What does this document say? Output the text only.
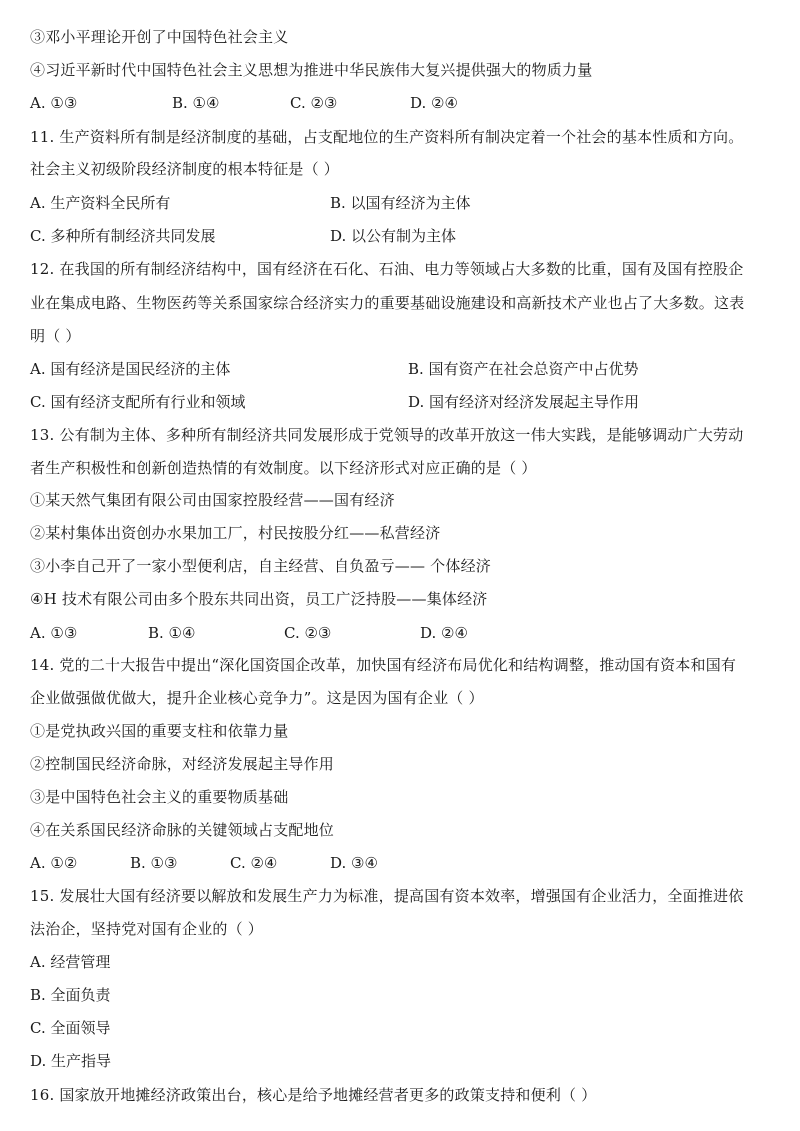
③邓小平理论开创了中国特色社会主义
④习近平新时代中国特色社会主义思想为推进中华民族伟大复兴提供强大的物质力量
A. ①③	B. ①④	C. ②③	D. ②④
11. 生产资料所有制是经济制度的基础，占支配地位的生产资料所有制决定着一个社会的基本性质和方向。
社会主义初级阶段经济制度的根本特征是（ ）
A. 生产资料全民所有	B. 以国有经济为主体
C. 多种所有制经济共同发展	D. 以公有制为主体
12. 在我国的所有制经济结构中，国有经济在石化、石油、电力等领域占大多数的比重，国有及国有控股企
业在集成电路、生物医药等关系国家综合经济实力的重要基础设施建设和高新技术产业也占了大多数。这表
明（ ）
A. 国有经济是国民经济的主体	B. 国有资产在社会总资产中占优势
C. 国有经济支配所有行业和领域	D. 国有经济对经济发展起主导作用
13. 公有制为主体、多种所有制经济共同发展形成于党领导的改革开放这一伟大实践，是能够调动广大劳动
者生产积极性和创新创造热情的有效制度。以下经济形式对应正确的是（ ）
①某天然气集团有限公司由国家控股经营——国有经济
②某村集体出资创办水果加工厂，村民按股分红——私营经济
③小李自己开了一家小型便利店，自主经营、自负盈亏—— 个体经济
④H 技术有限公司由多个股东共同出资，员工广泛持股——集体经济
A. ①③	B. ①④	C. ②③	D. ②④
14. 党的二十大报告中提出“深化国资国企改革，加快国有经济布局优化和结构调整，推动国有资本和国有
企业做强做优做大，提升企业核心竞争力”。这是因为国有企业（ ）
①是党执政兴国的重要支柱和依靠力量
②控制国民经济命脉，对经济发展起主导作用
③是中国特色社会主义的重要物质基础
④在关系国民经济命脉的关键领域占支配地位
A. ①②	B. ①③	C. ②④	D. ③④
15. 发展壮大国有经济要以解放和发展生产力为标准，提高国有资本效率，增强国有企业活力，全面推进依
法治企，坚持党对国有企业的（ ）
A. 经营管理
B. 全面负责
C. 全面领导
D. 生产指导
16. 国家放开地摊经济政策出台，核心是给予地摊经营者更多的政策支持和便利（ ）
